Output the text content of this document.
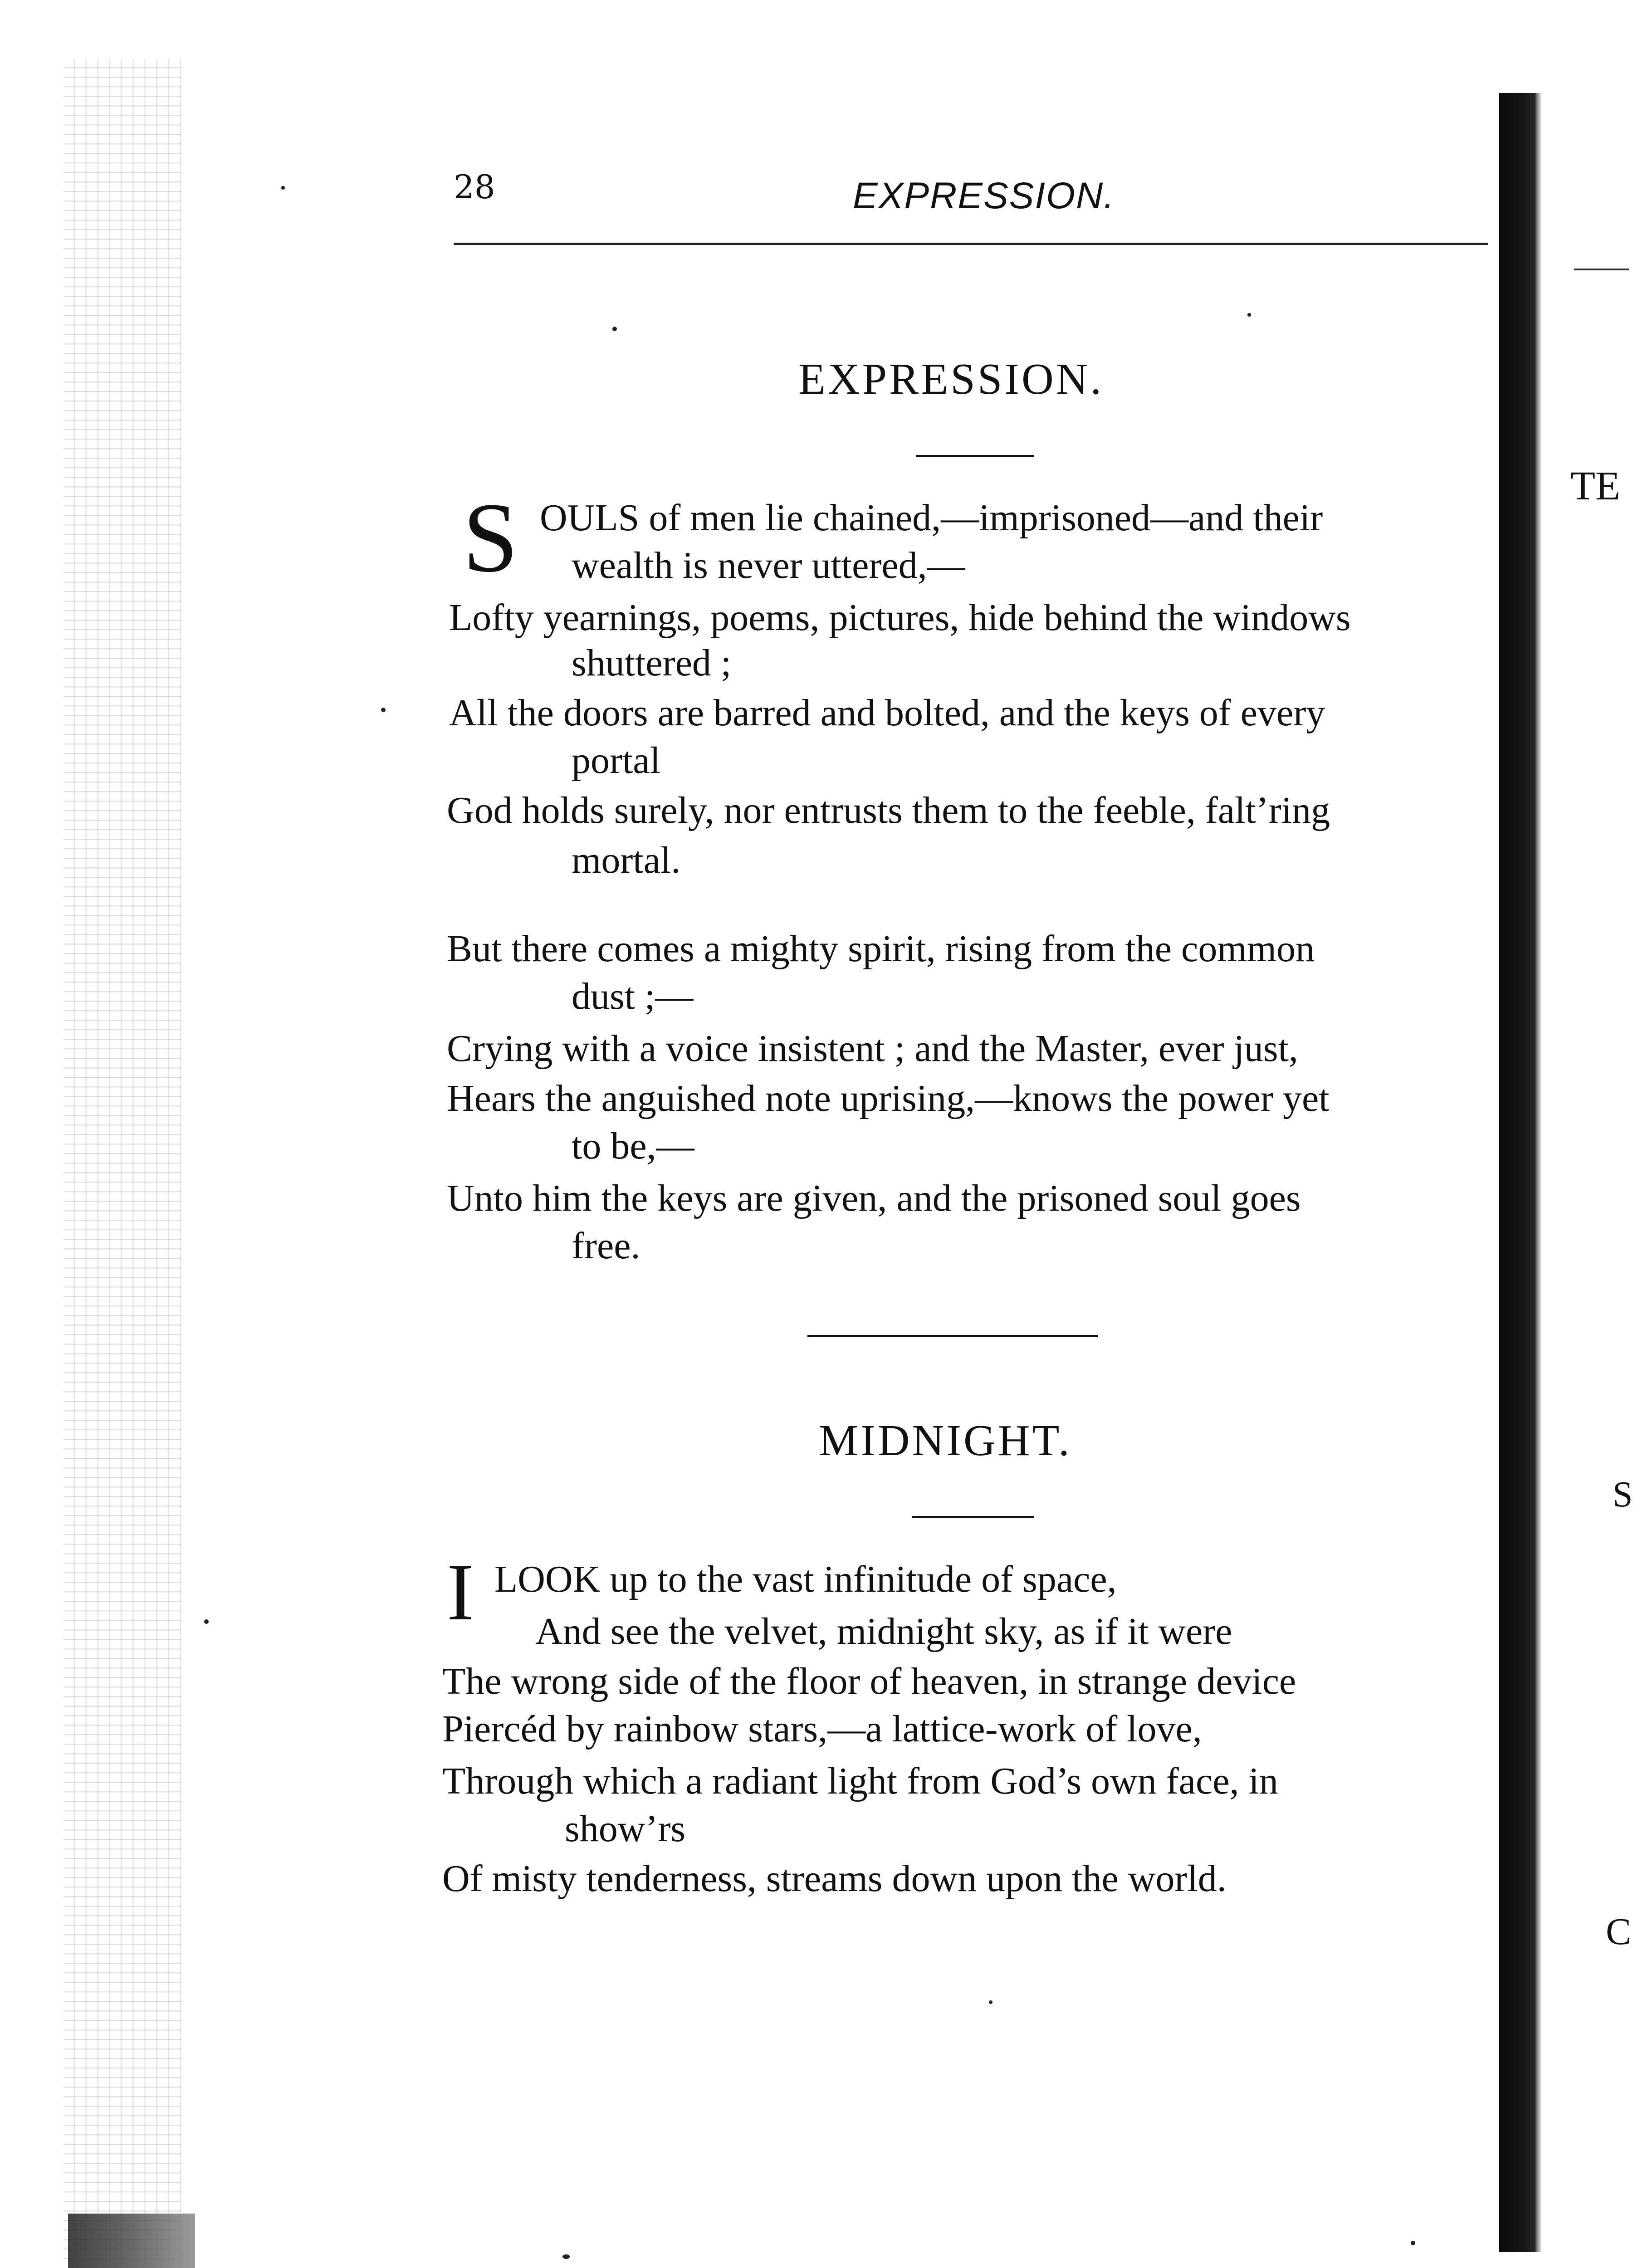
28	EXPRESSION.
TE
S
C
EXPRESSION.
S OULS of men lie chained,—imprisoned—and their
wealth is never uttered,—
Lofty yearnings, poems, pictures, hide behind the windows
shuttered ;
All the doors are barred and bolted, and the keys of every
portal
God holds surely, nor entrusts them to the feeble, falt’ring
mortal.
But there comes a mighty spirit, rising from the common
dust ;—
Crying with a voice insistent ; and the Master, ever just,
Hears the anguished note uprising,—knows the power yet
to be,—
Unto him the keys are given, and the prisoned soul goes
free.
MIDNIGHT.
I LOOK up to the vast infinitude of space,
And see the velvet, midnight sky, as if it were
The wrong side of the floor of heaven, in strange device
Piercéd by rainbow stars,—a lattice-work of love,
Through which a radiant light from God’s own face, in
show’rs
Of misty tenderness, streams down upon the world.
